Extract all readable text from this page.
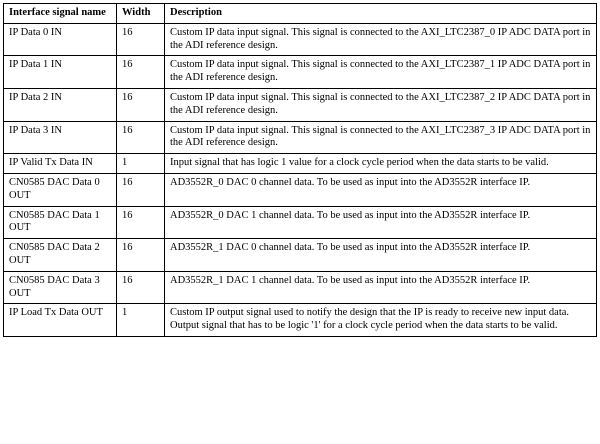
Interface signal name	Width	Description
IP Data 0 IN	16	Custom IP data input signal. This signal is connected to the AXI_LTC2387_0 IP ADC DATA port in the ADI reference design.
IP Data 1 IN	16	Custom IP data input signal. This signal is connected to the AXI_LTC2387_1 IP ADC DATA port in the ADI reference design.
IP Data 2 IN	16	Custom IP data input signal. This signal is connected to the AXI_LTC2387_2 IP ADC DATA port in the ADI reference design.
IP Data 3 IN	16	Custom IP data input signal. This signal is connected to the AXI_LTC2387_3 IP ADC DATA port in the ADI reference design.
IP Valid Tx Data IN	1	Input signal that has logic 1 value for a clock cycle period when the data starts to be valid.
CN0585 DAC Data 0 OUT	16	AD3552R_0 DAC 0 channel data. To be used as input into the AD3552R interface IP.
CN0585 DAC Data 1 OUT	16	AD3552R_0 DAC 1 channel data. To be used as input into the AD3552R interface IP.
CN0585 DAC Data 2 OUT	16	AD3552R_1 DAC 0 channel data. To be used as input into the AD3552R interface IP.
CN0585 DAC Data 3 OUT	16	AD3552R_1 DAC 1 channel data. To be used as input into the AD3552R interface IP.
IP Load Tx Data OUT	1	Custom IP output signal used to notify the design that the IP is ready to receive new input data. Output signal that has to be logic '1' for a clock cycle period when the data starts to be valid.
